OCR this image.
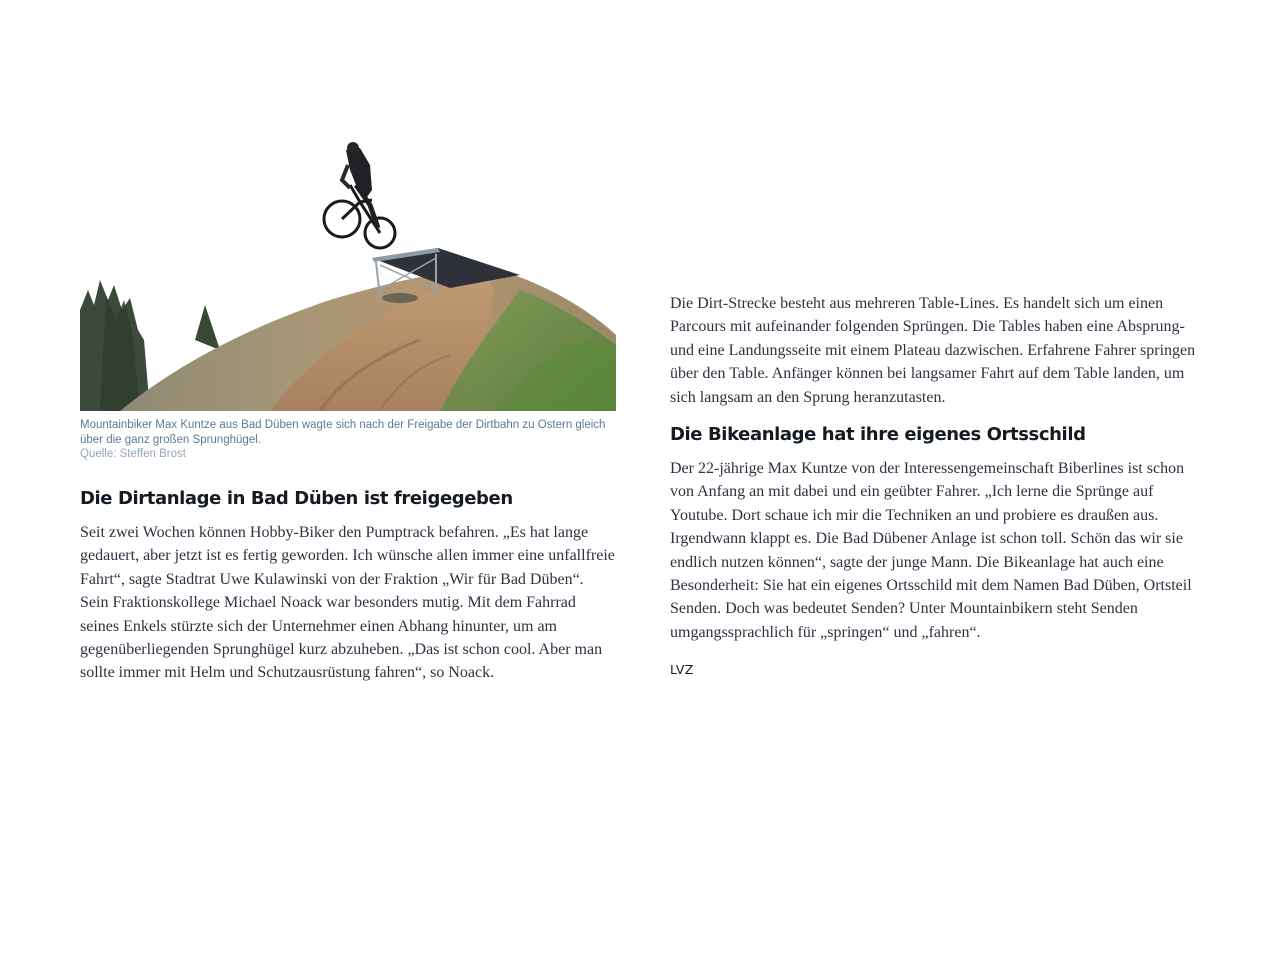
Mountainbiker Max Kuntze aus Bad Düben wagte sich nach der Freigabe der Dirtbahn zu Ostern gleich über die ganz großen Sprunghügel.
Quelle: Steffen Brost
Die Dirtanlage in Bad Düben ist freigegeben

Seit zwei Wochen können Hobby-Biker den Pumptrack befahren. „Es hat lange gedauert, aber jetzt ist es fertig geworden. Ich wünsche allen immer eine unfallfreie Fahrt“, sagte Stadtrat Uwe Kulawinski von der Fraktion „Wir für Bad Düben“. Sein Fraktionskollege Michael Noack war besonders mutig. Mit dem Fahrrad seines Enkels stürzte sich der Unternehmer einen Abhang hinunter, um am gegenüberliegenden Sprunghügel kurz abzuheben. „Das ist schon cool. Aber man sollte immer mit Helm und Schutzausrüstung fahren“, so Noack.

Die Dirt-Strecke besteht aus mehreren Table-Lines. Es handelt sich um einen Parcours mit aufeinander folgenden Sprüngen. Die Tables haben eine Absprung- und eine Landungsseite mit einem Plateau dazwischen. Erfahrene Fahrer springen über den Table. Anfänger können bei langsamer Fahrt auf dem Table landen, um sich langsam an den Sprung heranzutasten.

Die Bikeanlage hat ihre eigenes Ortsschild

Der 22-jährige Max Kuntze von der Interessengemeinschaft Biberlines ist schon von Anfang an mit dabei und ein geübter Fahrer. „Ich lerne die Sprünge auf Youtube. Dort schaue ich mir die Techniken an und probiere es draußen aus. Irgendwann klappt es. Die Bad Dübener Anlage ist schon toll. Schön das wir sie endlich nutzen können“, sagte der junge Mann. Die Bikeanlage hat auch eine Besonderheit: Sie hat ein eigenes Ortsschild mit dem Namen Bad Düben, Ortsteil Senden. Doch was bedeutet Senden? Unter Mountainbikern steht Senden umgangssprachlich für „springen“ und „fahren“.

LVZ
